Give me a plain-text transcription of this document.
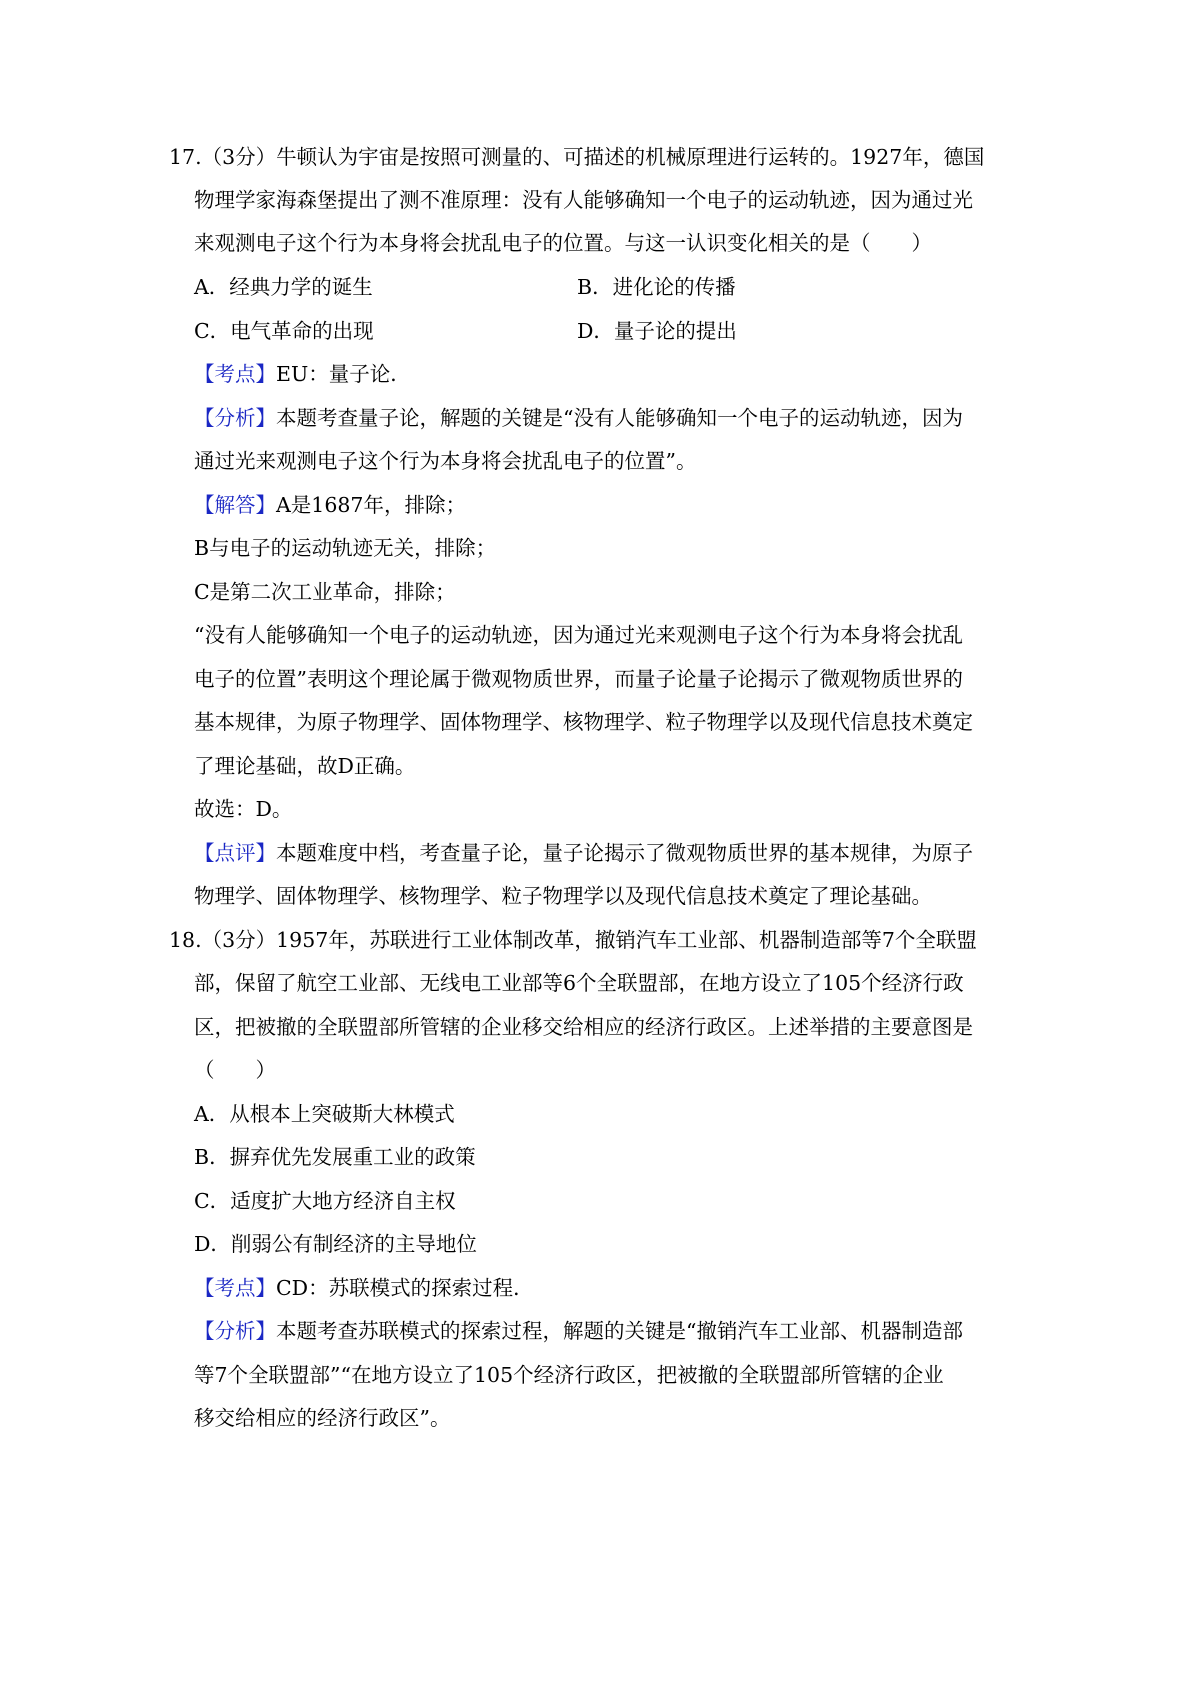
17.（3分）牛顿认为宇宙是按照可测量的、可描述的机械原理进行运转的。1927年，德国
物理学家海森堡提出了测不准原理：没有人能够确知一个电子的运动轨迹，因为通过光
来观测电子这个行为本身将会扰乱电子的位置。与这一认识变化相关的是（　　）
A．经典力学的诞生	B．进化论的传播
C．电气革命的出现	D．量子论的提出
【考点】EU：量子论．
【分析】本题考查量子论，解题的关键是“没有人能够确知一个电子的运动轨迹，因为
通过光来观测电子这个行为本身将会扰乱电子的位置”。
【解答】A是1687年，排除；
B与电子的运动轨迹无关，排除；
C是第二次工业革命，排除；
“没有人能够确知一个电子的运动轨迹，因为通过光来观测电子这个行为本身将会扰乱
电子的位置”表明这个理论属于微观物质世界，而量子论量子论揭示了微观物质世界的
基本规律，为原子物理学、固体物理学、核物理学、粒子物理学以及现代信息技术奠定
了理论基础，故D正确。
故选：D。
【点评】本题难度中档，考查量子论，量子论揭示了微观物质世界的基本规律，为原子
物理学、固体物理学、核物理学、粒子物理学以及现代信息技术奠定了理论基础。
18.（3分）1957年，苏联进行工业体制改革，撤销汽车工业部、机器制造部等7个全联盟
部，保留了航空工业部、无线电工业部等6个全联盟部，在地方设立了105个经济行政
区，把被撤的全联盟部所管辖的企业移交给相应的经济行政区。上述举措的主要意图是
（　　）
A．从根本上突破斯大林模式
B．摒弃优先发展重工业的政策
C．适度扩大地方经济自主权
D．削弱公有制经济的主导地位
【考点】CD：苏联模式的探索过程．
【分析】本题考查苏联模式的探索过程，解题的关键是“撤销汽车工业部、机器制造部
等7个全联盟部”“在地方设立了105个经济行政区，把被撤的全联盟部所管辖的企业
移交给相应的经济行政区”。
